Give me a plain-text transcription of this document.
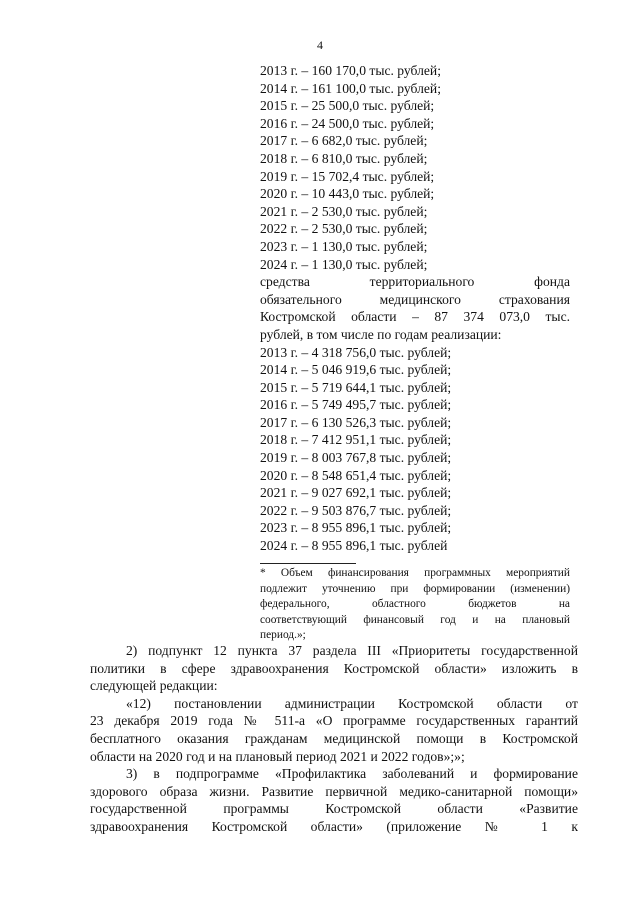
4
2013 г. – 160 170,0 тыс. рублей;
2014 г. – 161 100,0 тыс. рублей;
2015 г. – 25 500,0 тыс. рублей;
2016 г. – 24 500,0 тыс. рублей;
2017 г. – 6 682,0 тыс. рублей;
2018 г. – 6 810,0 тыс. рублей;
2019 г. – 15 702,4 тыс. рублей;
2020 г. – 10 443,0 тыс. рублей;
2021 г. – 2 530,0 тыс. рублей;
2022 г. – 2 530,0 тыс. рублей;
2023 г. – 1 130,0 тыс. рублей;
2024 г. – 1 130,0 тыс. рублей;
средства территориального фонда
обязательного медицинского страхования
Костромской области – 87 374 073,0 тыс.
рублей, в том числе по годам реализации:
2013 г. – 4 318 756,0 тыс. рублей;
2014 г. – 5 046 919,6 тыс. рублей;
2015 г. – 5 719 644,1 тыс. рублей;
2016 г. – 5 749 495,7 тыс. рублей;
2017 г. – 6 130 526,3 тыс. рублей;
2018 г. – 7 412 951,1 тыс. рублей;
2019 г. – 8 003 767,8 тыс. рублей;
2020 г. – 8 548 651,4 тыс. рублей;
2021 г. – 9 027 692,1 тыс. рублей;
2022 г. – 9 503 876,7 тыс. рублей;
2023 г. – 8 955 896,1 тыс. рублей;
2024 г. – 8 955 896,1 тыс. рублей
* Объем финансирования программных мероприятий
подлежит уточнению при формировании (изменении)
федерального, областного бюджетов на
соответствующий финансовый год и на плановый
период.»;
2) подпункт 12 пункта 37 раздела III «Приоритеты государственной
политики в сфере здравоохранения Костромской области» изложить в
следующей редакции:
«12) постановлении администрации Костромской области от
23 декабря 2019 года № 511-а «О программе государственных гарантий
бесплатного оказания гражданам медицинской помощи в Костромской
области на 2020 год и на плановый период 2021 и 2022 годов»;»;
3) в подпрограмме «Профилактика заболеваний и формирование
здорового образа жизни. Развитие первичной медико-санитарной помощи»
государственной программы Костромской области «Развитие
здравоохранения Костромской области» (приложение № 1 к
